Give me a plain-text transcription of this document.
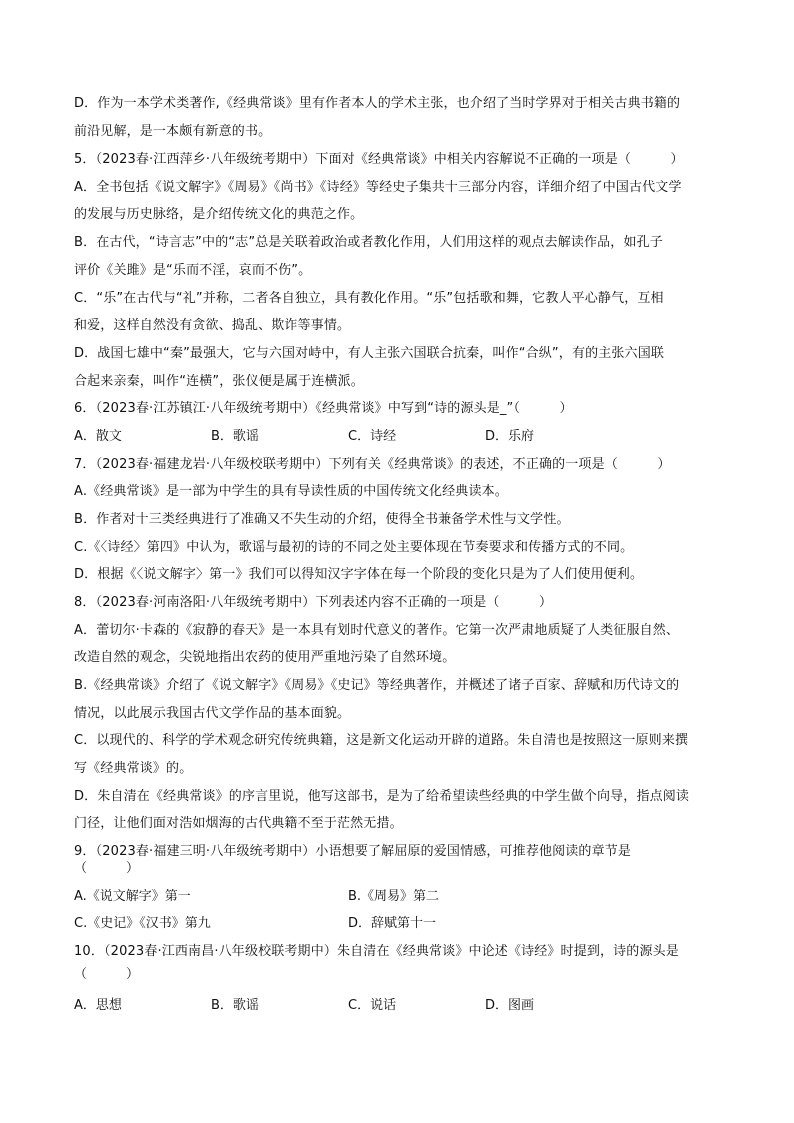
D．作为一本学术类著作,《经典常谈》里有作者本人的学术主张，也介绍了当时学界对于相关古典书籍的
前沿见解，是一本颇有新意的书。
5．（2023春·江西萍乡·八年级统考期中）下面对《经典常谈》中相关内容解说不正确的一项是（　　　）
A．全书包括《说文解字》《周易》《尚书》《诗经》等经史子集共十三部分内容，详细介绍了中国古代文学
的发展与历史脉络，是介绍传统文化的典范之作。
B．在古代，“诗言志”中的“志”总是关联着政治或者教化作用，人们用这样的观点去解读作品，如孔子
评价《关雎》是“乐而不淫，哀而不伤”。
C．“乐”在古代与“礼”并称，二者各自独立，具有教化作用。“乐”包括歌和舞，它教人平心静气，互相
和爱，这样自然没有贪欲、捣乱、欺诈等事情。
D．战国七雄中“秦”最强大，它与六国对峙中，有人主张六国联合抗秦，叫作“合纵”，有的主张六国联
合起来亲秦，叫作“连横”，张仪便是属于连横派。
6．（2023春·江苏镇江·八年级统考期中）《经典常谈》中写到“诗的源头是_”（　　　）
A．散文	B．歌谣	C．诗经	D．乐府
7．（2023春·福建龙岩·八年级校联考期中）下列有关《经典常谈》的表述，不正确的一项是（　　　）
A.《经典常谈》是一部为中学生的具有导读性质的中国传统文化经典读本。
B．作者对十三类经典进行了准确又不失生动的介绍，使得全书兼备学术性与文学性。
C.《〈诗经〉第四》中认为，歌谣与最初的诗的不同之处主要体现在节奏要求和传播方式的不同。
D．根据《〈说文解字〉第一》我们可以得知汉字字体在每一个阶段的变化只是为了人们使用便利。
8．（2023春·河南洛阳·八年级统考期中）下列表述内容不正确的一项是（　　　）
A．蕾切尔·卡森的《寂静的春天》是一本具有划时代意义的著作。它第一次严肃地质疑了人类征服自然、
改造自然的观念，尖锐地指出农药的使用严重地污染了自然环境。
B.《经典常谈》介绍了《说文解字》《周易》《史记》等经典著作，并概述了诸子百家、辞赋和历代诗文的
情况，以此展示我国古代文学作品的基本面貌。
C．以现代的、科学的学术观念研究传统典籍，这是新文化运动开辟的道路。朱自清也是按照这一原则来撰
写《经典常谈》的。
D．朱自清在《经典常谈》的序言里说，他写这部书，是为了给希望读些经典的中学生做个向导，指点阅读
门径，让他们面对浩如烟海的古代典籍不至于茫然无措。
9．（2023春·福建三明·八年级统考期中）小语想要了解屈原的爱国情感，可推荐他阅读的章节是
（　　　）
A.《说文解字》第一	B.《周易》第二
C.《史记》《汉书》第九	D．辞赋第十一
10．（2023春·江西南昌·八年级校联考期中）朱自清在《经典常谈》中论述《诗经》时提到，诗的源头是
（　　　）
A．思想	B．歌谣	C．说话	D．图画
